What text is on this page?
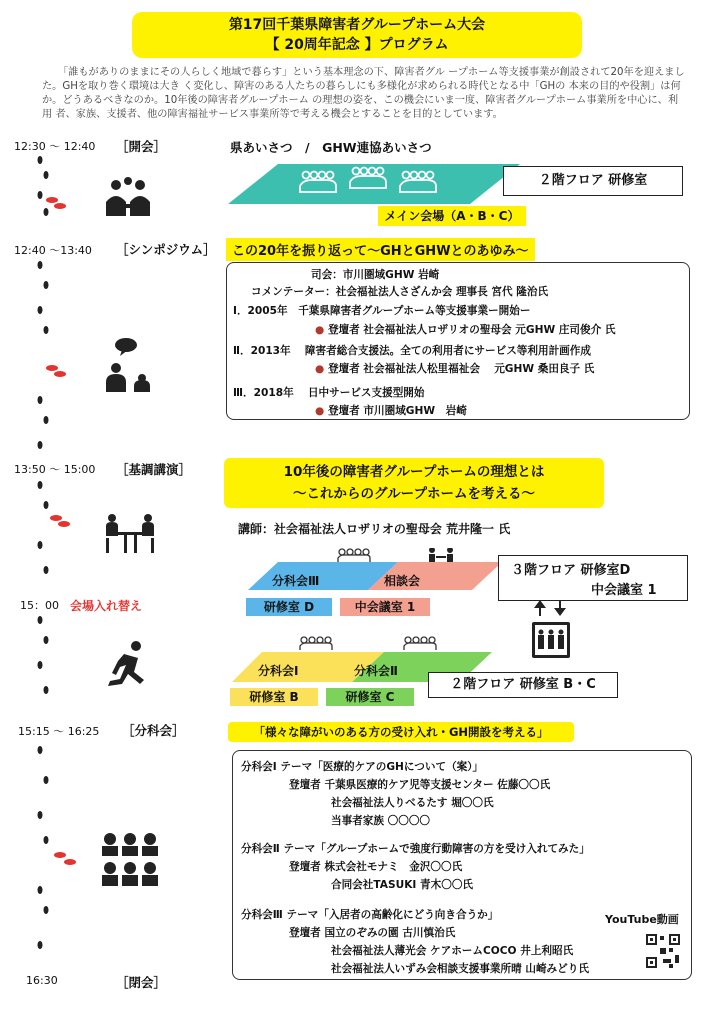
第17回千葉県障害者グループホーム大会
【 20周年記念 】プログラム
「誰もがありのままにその人らしく地域で暮らす」という基本理念の下、障害者グル ープホーム等支援事業が創設されて20年を迎えました。GHを取り巻く環境は大き く変化し、障害のある人たちの暮らしにも多様化が求められる時代となる中「GHの 本来の目的や役割」は何か。どうあるべきなのか。10年後の障害者グループホーム の理想の姿を、この機会にいま一度、障害者グループホーム事業所を中心に、利用 者、家族、支援者、他の障害福祉サービス事業所等で考える機会とすることを目的としています。
12:30 〜 12:40 ［開会］	県あいさつ　/　GHW連協あいさつ
２階フロア 研修室
メイン会場（A・B・C）
12:40 〜13:40 ［シンポジウム］	この20年を振り返って〜GHとGHWとのあゆみ〜
司会：市川圏域GHW 岩崎
コメンテーター：社会福祉法人さざんか会 理事長 宮代 隆治氏
Ⅰ．2005年　千葉県障害者グループホーム等支援事業ー開始ー
● 登壇者 社会福祉法人ロザリオの聖母会 元GHW 庄司俊介 氏
Ⅱ．2013年　 障害者総合支援法。全ての利用者にサービス等利用計画作成
● 登壇者 社会福祉法人松里福祉会　 元GHW 桑田良子 氏
Ⅲ．2018年　 日中サービス支援型開始
● 登壇者 市川圏域GHW　岩崎
13:50 〜 15:00 ［基調講演］	10年後の障害者グループホームの理想とは
〜これからのグループホームを考える〜
講師：社会福祉法人ロザリオの聖母会 荒井隆一 氏
分科会Ⅲ	相談会
研修室 D	中会議室 1
３階フロア 研修室D
中会議室 1
15：00 会場入れ替え
分科会Ⅰ	分科会Ⅱ
研修室 B	研修室 C
２階フロア 研修室 B・C
15:15 〜 16:25 ［分科会］	「様々な障がいのある方の受け入れ・GH開設を考える」
分科会Ⅰ テーマ「医療的ケアのGHについて（案）」
登壇者 千葉県医療的ケア児等支援センター 佐藤〇〇氏
社会福祉法人りべるたす 堀〇〇氏
当事者家族 〇〇〇〇
分科会Ⅱ テーマ「グループホームで強度行動障害の方を受け入れてみた」
登壇者 株式会社モナミ　金沢〇〇氏
合同会社TASUKI 青木〇〇氏
分科会Ⅲ テーマ「入居者の高齢化にどう向き合うか」
登壇者 国立のぞみの園 古川慎治氏
社会福祉法人薄光会 ケアホームCOCO 井上利昭氏
社会福祉法人いずみ会相談支援事業所晴 山崎みどり氏
YouTube動画
16:30	［閉会］
